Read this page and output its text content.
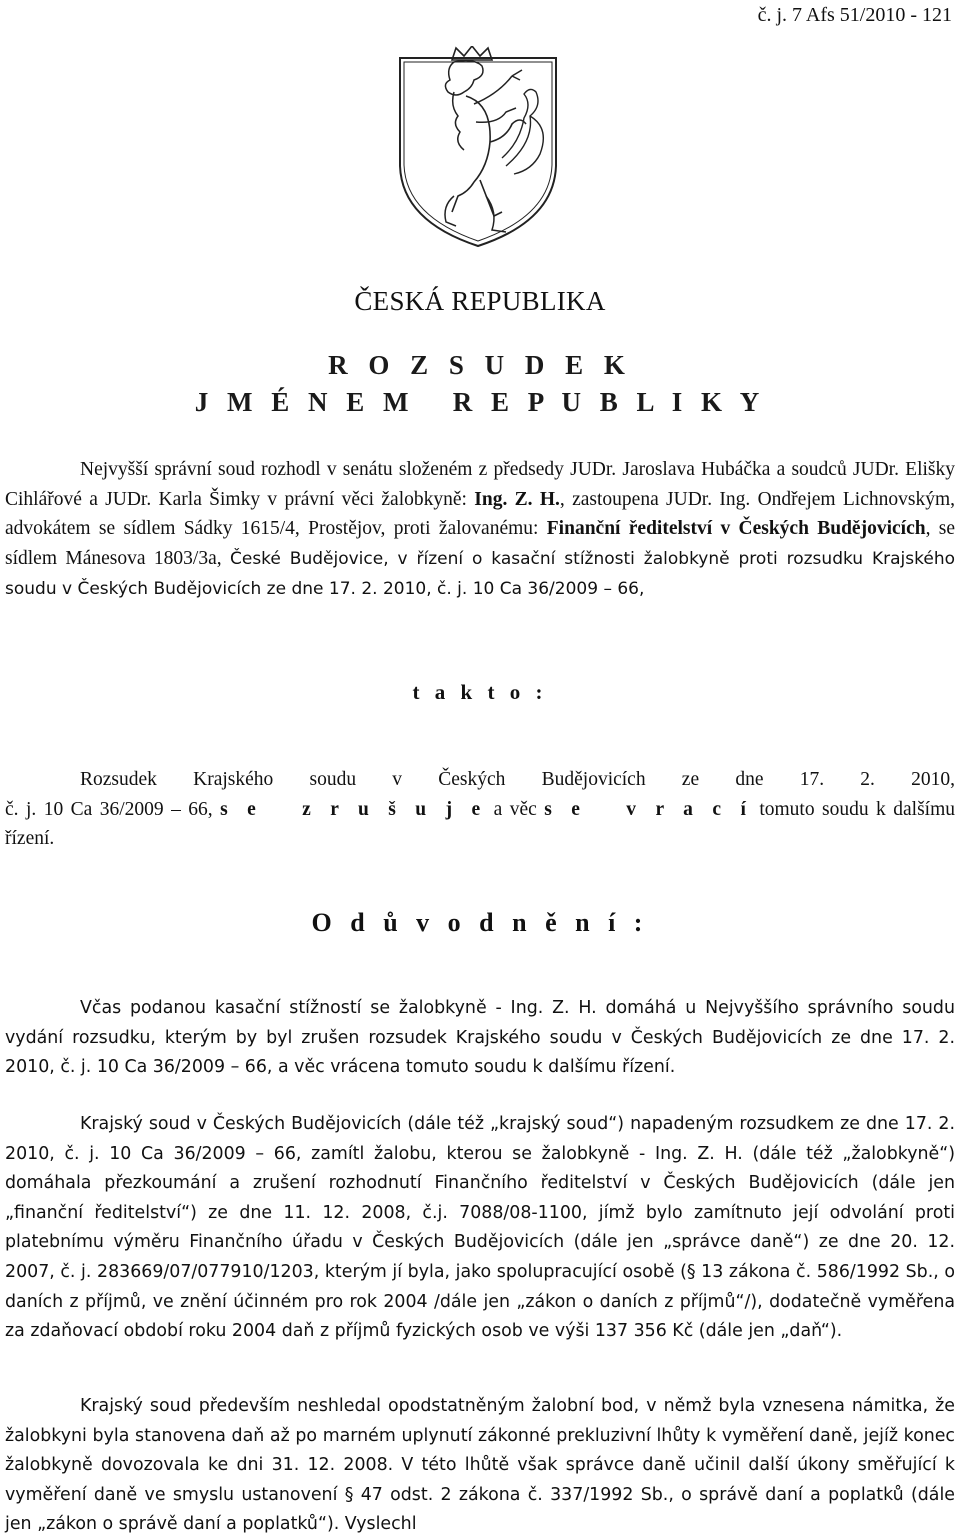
č. j. 7 Afs 51/2010 - 121
ČESKÁ REPUBLIKA
R O Z S U D E K
J M É N E M   R E P U B L I K Y
Nejvyšší správní soud rozhodl v senátu složeném z předsedy JUDr. Jaroslava Hubáčka a soudců JUDr. Elišky Cihlářové a JUDr. Karla Šimky v právní věci žalobkyně: Ing. Z. H., zastoupena JUDr. Ing. Ondřejem Lichnovským, advokátem se sídlem Sádky 1615/4, Prostějov, proti žalovanému: Finanční ředitelství v Českých Budějovicích, se sídlem Mánesova 1803/3a, České Budějovice, v řízení o kasační stížnosti žalobkyně proti rozsudku Krajského soudu v Českých Budějovicích ze dne 17. 2. 2010, č. j. 10 Ca 36/2009 – 66,
t a k t o :
Rozsudek Krajského soudu v Českých Budějovicích ze dne 17. 2. 2010,
č. j. 10 Ca 36/2009 – 66, s e   z r u š u j e a věc s e   v r a c í tomuto soudu k dalšímu
řízení.
O d ů v o d n ě n í :
Včas podanou kasační stížností se žalobkyně - Ing. Z. H. domáhá u Nejvyššího správního soudu vydání rozsudku, kterým by byl zrušen rozsudek Krajského soudu v Českých Budějovicích ze dne 17. 2. 2010, č. j. 10 Ca 36/2009 – 66, a věc vrácena tomuto soudu k dalšímu řízení.
Krajský soud v Českých Budějovicích (dále též „krajský soud“) napadeným rozsudkem ze dne 17. 2. 2010, č. j. 10 Ca 36/2009 – 66, zamítl žalobu, kterou se žalobkyně - Ing. Z. H. (dále též „žalobkyně“) domáhala přezkoumání a zrušení rozhodnutí Finančního ředitelství v Českých Budějovicích (dále jen „finanční ředitelství“) ze dne 11. 12. 2008, č.j. 7088/08-1100, jímž bylo zamítnuto její odvolání proti platebnímu výměru Finančního úřadu v Českých Budějovicích (dále jen „správce daně“) ze dne 20. 12. 2007, č. j. 283669/07/077910/1203, kterým jí byla, jako spolupracující osobě (§ 13 zákona č. 586/1992 Sb., o daních z příjmů, ve znění účinném pro rok 2004 /dále jen „zákon o daních z příjmů“/), dodatečně vyměřena za zdaňovací období roku 2004 daň z příjmů fyzických osob ve výši 137 356 Kč (dále jen „daň“).
Krajský soud především neshledal opodstatněným žalobní bod, v němž byla vznesena námitka, že žalobkyni byla stanovena daň až po marném uplynutí zákonné prekluzivní lhůty k vyměření daně, jejíž konec žalobkyně dovozovala ke dni 31. 12. 2008. V této lhůtě však správce daně učinil další úkony směřující k vyměření daně ve smyslu ustanovení § 47 odst. 2 zákona č. 337/1992 Sb., o správě daní a poplatků (dále jen „zákon o správě daní a poplatků“). Vyslechl
